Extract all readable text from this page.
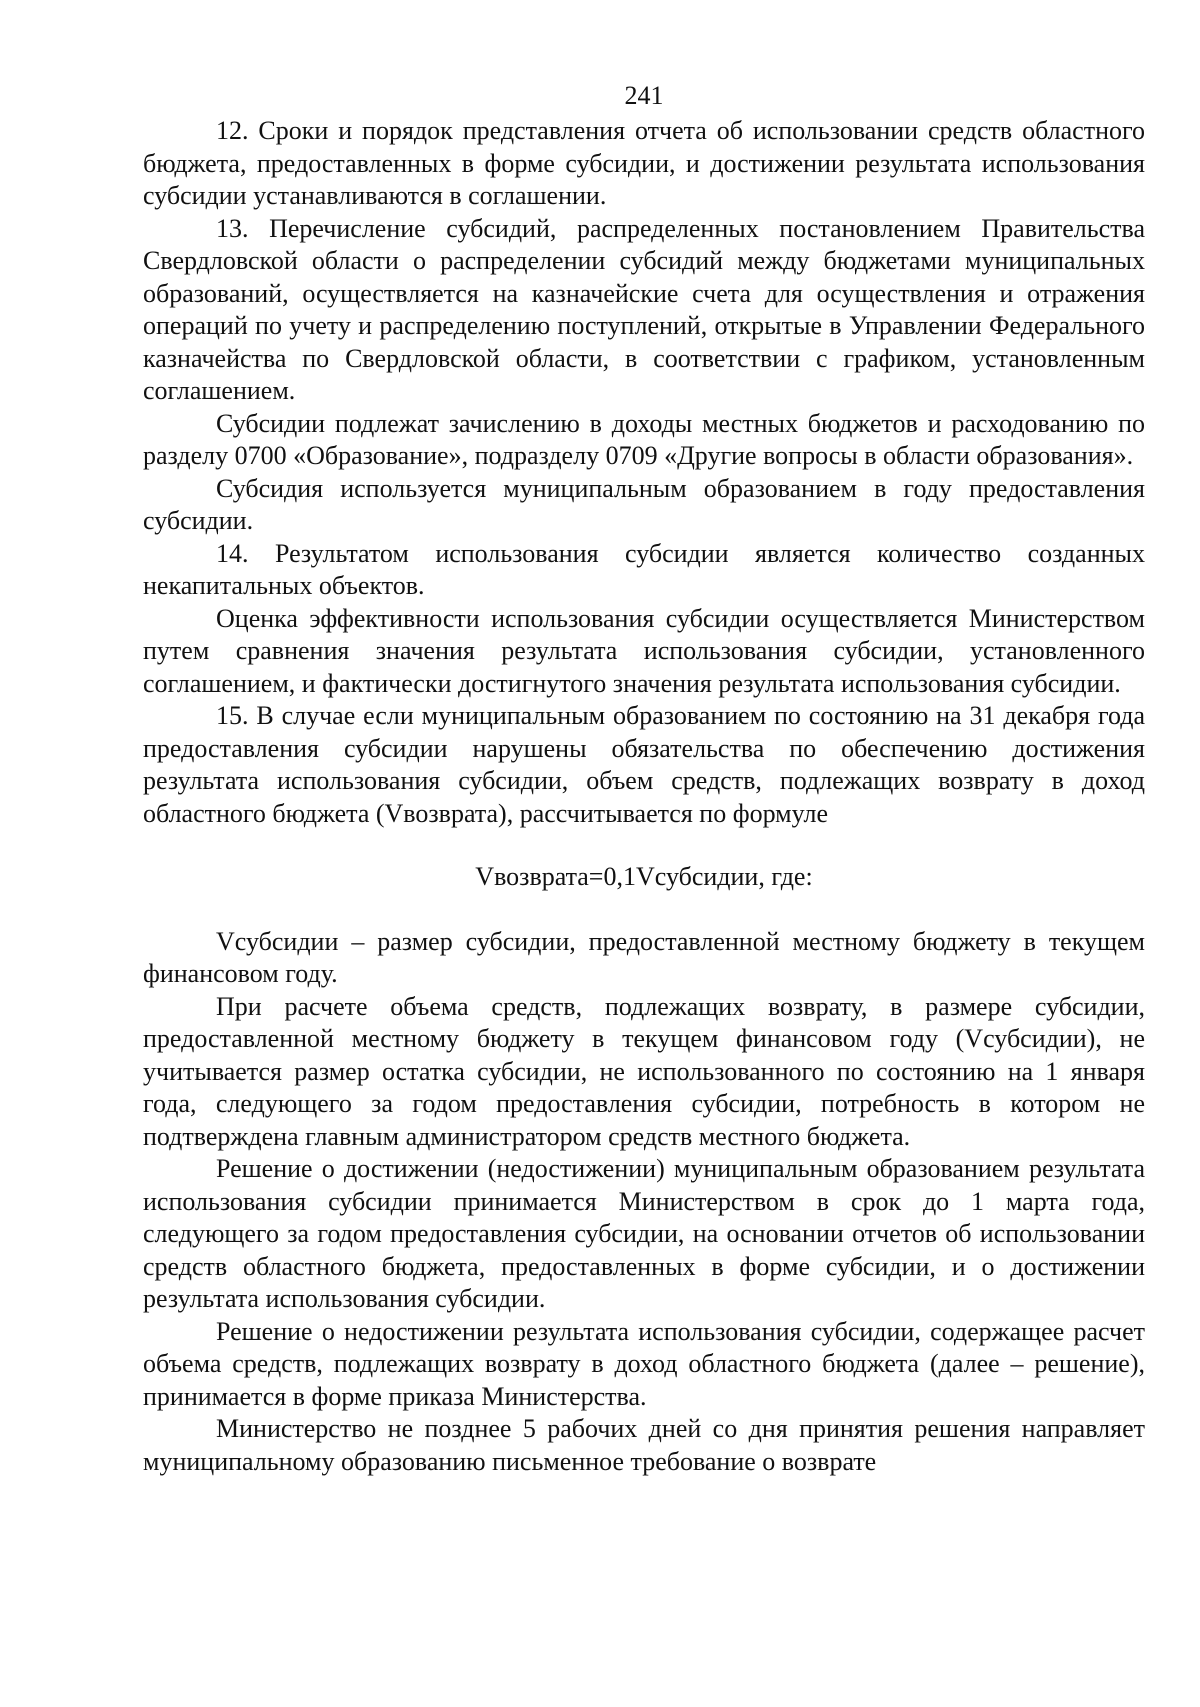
241

12. Сроки и порядок представления отчета об использовании средств областного бюджета, предоставленных в форме субсидии, и достижении результата использования субсидии устанавливаются в соглашении.

13. Перечисление субсидий, распределенных постановлением Правительства Свердловской области о распределении субсидий между бюджетами муниципальных образований, осуществляется на казначейские счета для осуществления и отражения операций по учету и распределению поступлений, открытые в Управлении Федерального казначейства по Свердловской области, в соответствии с графиком, установленным соглашением.

Субсидии подлежат зачислению в доходы местных бюджетов и расходованию по разделу 0700 «Образование», подразделу 0709 «Другие вопросы в области образования».

Субсидия используется муниципальным образованием в году предоставления субсидии.

14. Результатом использования субсидии является количество созданных некапитальных объектов.

Оценка эффективности использования субсидии осуществляется Министерством путем сравнения значения результата использования субсидии, установленного соглашением, и фактически достигнутого значения результата использования субсидии.

15. В случае если муниципальным образованием по состоянию на 31 декабря года предоставления субсидии нарушены обязательства по обеспечению достижения результата использования субсидии, объем средств, подлежащих возврату в доход областного бюджета (Vвозврата), рассчитывается по формуле

Vвозврата=0,1Vсубсидии, где:

Vсубсидии – размер субсидии, предоставленной местному бюджету в текущем финансовом году.

При расчете объема средств, подлежащих возврату, в размере субсидии, предоставленной местному бюджету в текущем финансовом году (Vсубсидии), не учитывается размер остатка субсидии, не использованного по состоянию на 1 января года, следующего за годом предоставления субсидии, потребность в котором не подтверждена главным администратором средств местного бюджета.

Решение о достижении (недостижении) муниципальным образованием результата использования субсидии принимается Министерством в срок до 1 марта года, следующего за годом предоставления субсидии, на основании отчетов об использовании средств областного бюджета, предоставленных в форме субсидии, и о достижении результата использования субсидии.

Решение о недостижении результата использования субсидии, содержащее расчет объема средств, подлежащих возврату в доход областного бюджета (далее – решение), принимается в форме приказа Министерства.

Министерство не позднее 5 рабочих дней со дня принятия решения направляет муниципальному образованию письменное требование о возврате
